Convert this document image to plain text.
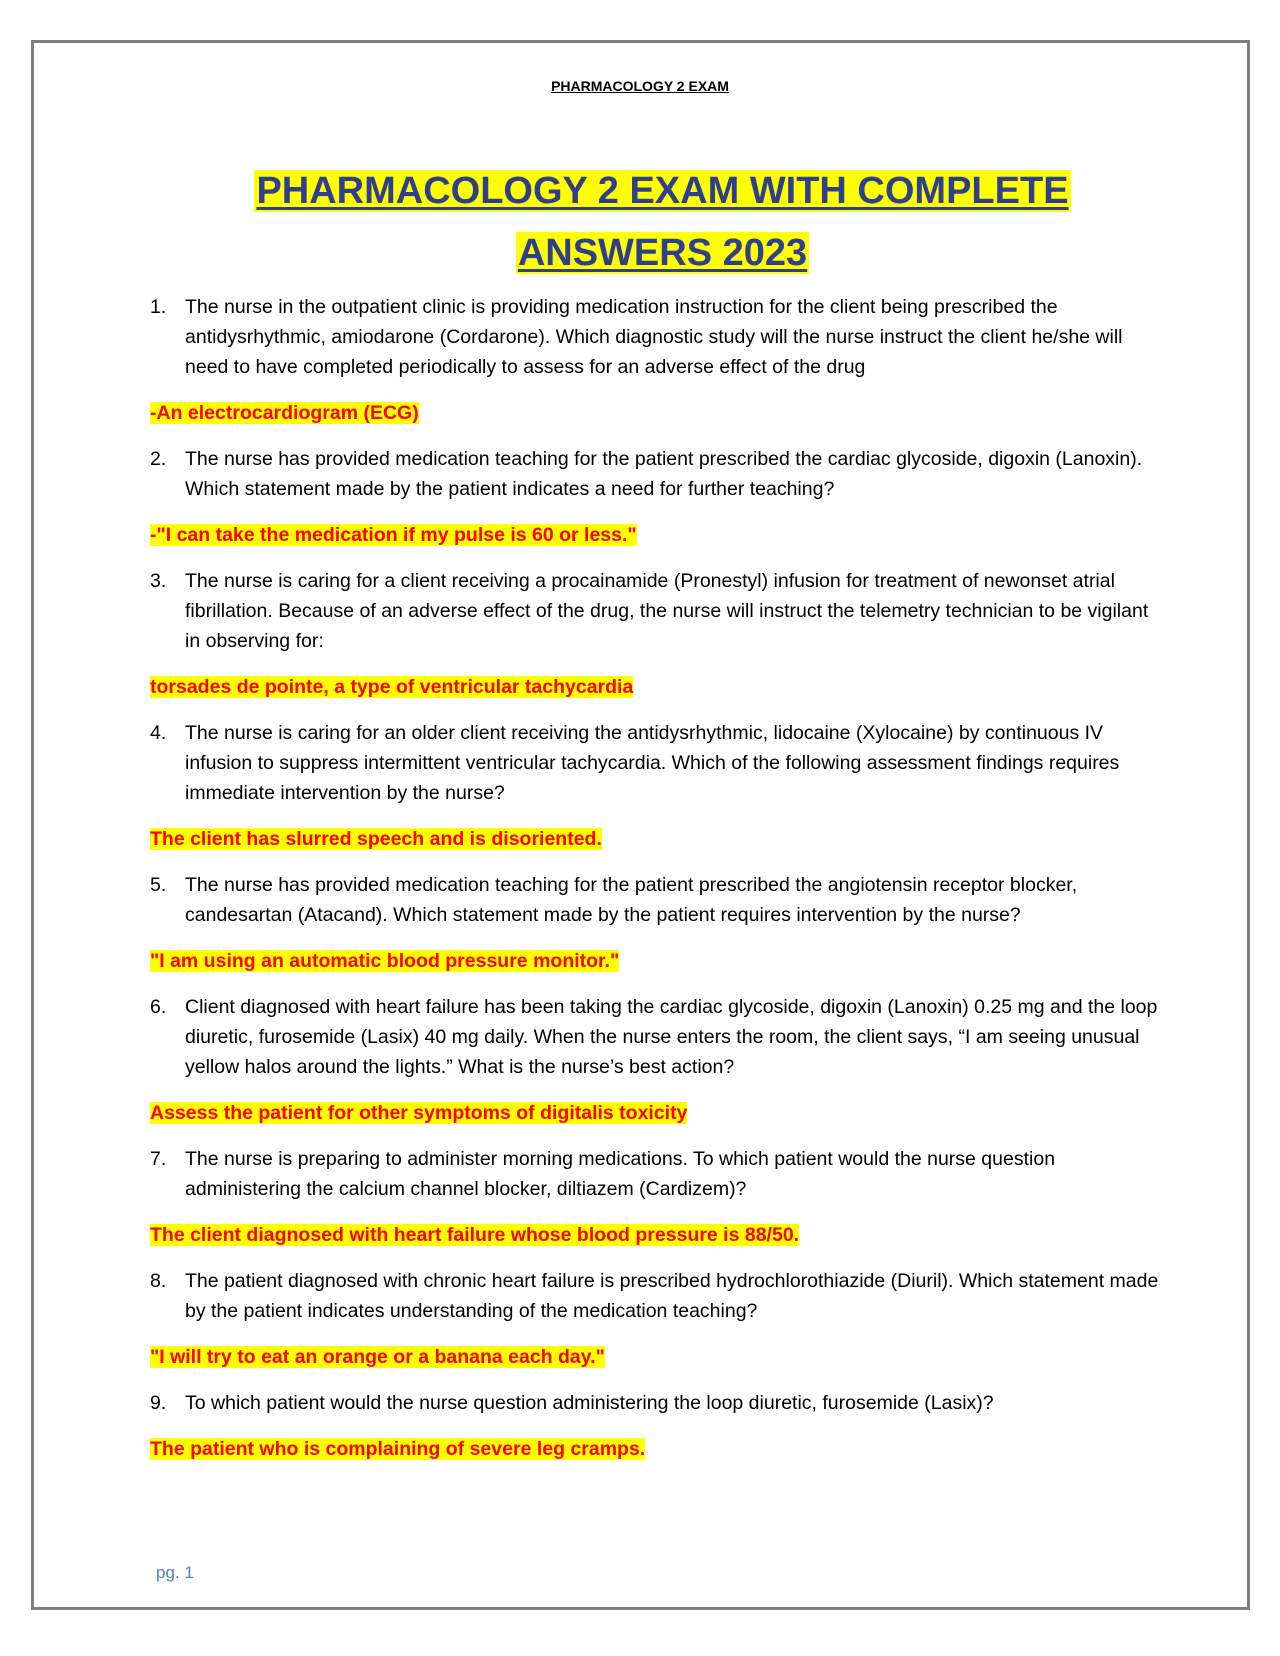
PHARMACOLOGY 2 EXAM
PHARMACOLOGY 2 EXAM WITH COMPLETE
ANSWERS 2023
1. The nurse in the outpatient clinic is providing medication instruction for the client being prescribed the antidysrhythmic, amiodarone (Cordarone). Which diagnostic study will the nurse instruct the client he/she will need to have completed periodically to assess for an adverse effect of the drug
-An electrocardiogram (ECG)
2. The nurse has provided medication teaching for the patient prescribed the cardiac glycoside, digoxin (Lanoxin). Which statement made by the patient indicates a need for further teaching?
-"I can take the medication if my pulse is 60 or less."
3. The nurse is caring for a client receiving a procainamide (Pronestyl) infusion for treatment of newonset atrial fibrillation. Because of an adverse effect of the drug, the nurse will instruct the telemetry technician to be vigilant in observing for:
torsades de pointe, a type of ventricular tachycardia
4. The nurse is caring for an older client receiving the antidysrhythmic, lidocaine (Xylocaine) by continuous IV infusion to suppress intermittent ventricular tachycardia. Which of the following assessment findings requires immediate intervention by the nurse?
The client has slurred speech and is disoriented.
5. The nurse has provided medication teaching for the patient prescribed the angiotensin receptor blocker, candesartan (Atacand). Which statement made by the patient requires intervention by the nurse?
"I am using an automatic blood pressure monitor."
6. Client diagnosed with heart failure has been taking the cardiac glycoside, digoxin (Lanoxin) 0.25 mg and the loop diuretic, furosemide (Lasix) 40 mg daily. When the nurse enters the room, the client says, “I am seeing unusual yellow halos around the lights.” What is the nurse’s best action?
Assess the patient for other symptoms of digitalis toxicity
7. The nurse is preparing to administer morning medications. To which patient would the nurse question administering the calcium channel blocker, diltiazem (Cardizem)?
The client diagnosed with heart failure whose blood pressure is 88/50.
8. The patient diagnosed with chronic heart failure is prescribed hydrochlorothiazide (Diuril). Which statement made by the patient indicates understanding of the medication teaching?
"I will try to eat an orange or a banana each day."
9. To which patient would the nurse question administering the loop diuretic, furosemide (Lasix)?
The patient who is complaining of severe leg cramps.
pg. 1
